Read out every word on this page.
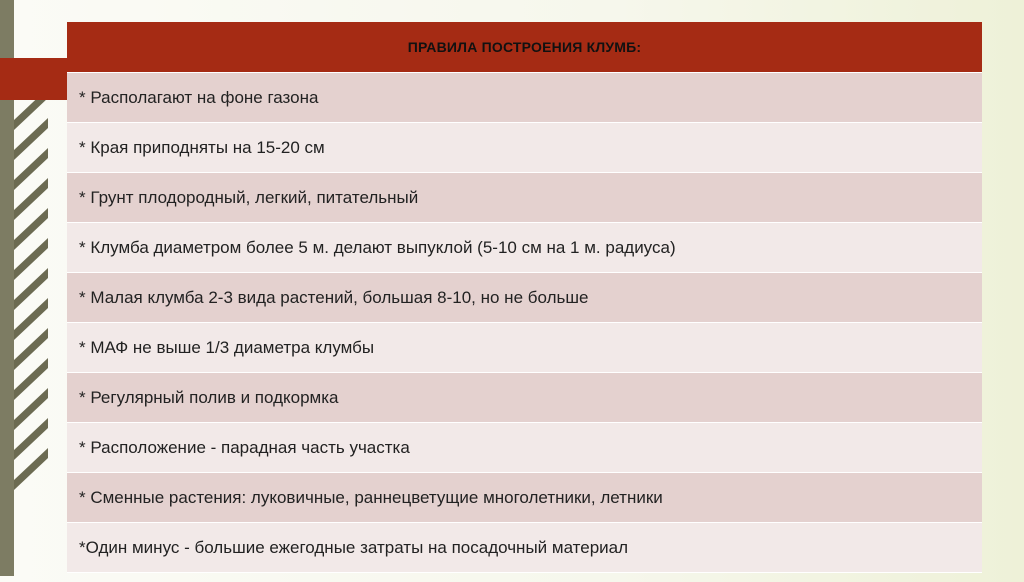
ПРАВИЛА ПОСТРОЕНИЯ КЛУМБ:
* Располагают на фоне газона
* Края приподняты на 15-20 см
* Грунт плодородный, легкий, питательный
* Клумба диаметром более 5 м. делают выпуклой (5-10 см на 1 м. радиуса)
* Малая клумба 2-3 вида растений, большая 8-10, но не больше
* МАФ не выше 1/3 диаметра клумбы
* Регулярный полив и подкормка
* Расположение - парадная часть участка
* Сменные растения: луковичные, раннецветущие многолетники, летники
*Один минус - большие ежегодные затраты на посадочный материал
